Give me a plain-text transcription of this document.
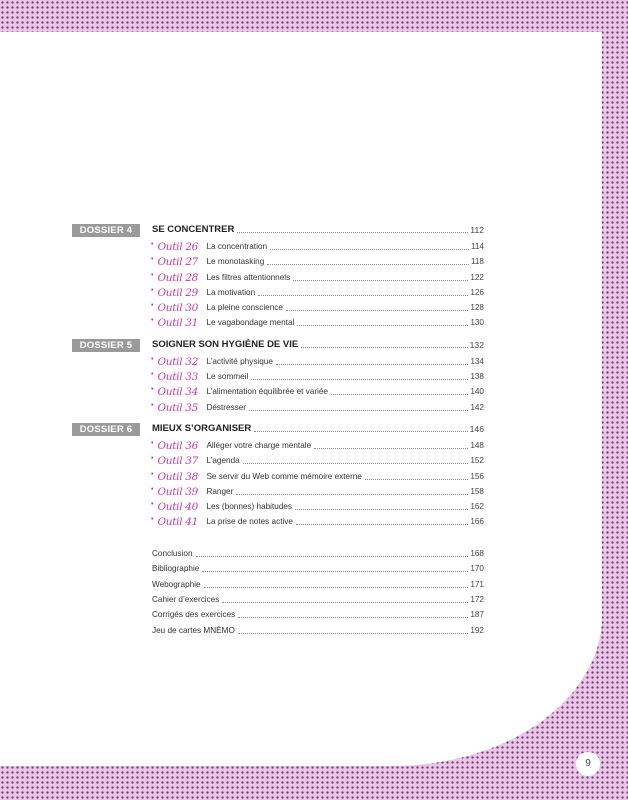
DOSSIER 4	SE CONCENTRER	112
• Outil 26	La concentration	114
• Outil 27	Le monotasking	118
• Outil 28	Les filtres attentionnels	122
• Outil 29	La motivation	126
• Outil 30	La pleine conscience	128
• Outil 31	Le vagabondage mental	130
DOSSIER 5	SOIGNER SON HYGIÈNE DE VIE	132
• Outil 32	L’activité physique	134
• Outil 33	Le sommeil	138
• Outil 34	L’alimentation équilibrée et variée	140
• Outil 35	Déstresser	142
DOSSIER 6	MIEUX S’ORGANISER	146
• Outil 36	Alléger votre charge mentale	148
• Outil 37	L’agenda	152
• Outil 38	Se servir du Web comme mémoire externe	156
• Outil 39	Ranger	158
• Outil 40	Les (bonnes) habitudes	162
• Outil 41	La prise de notes active	166
Conclusion	168
Bibliographie	170
Webographie	171
Cahier d’exercices	172
Corrigés des exercices	187
Jeu de cartes MNÉMO	192
9
